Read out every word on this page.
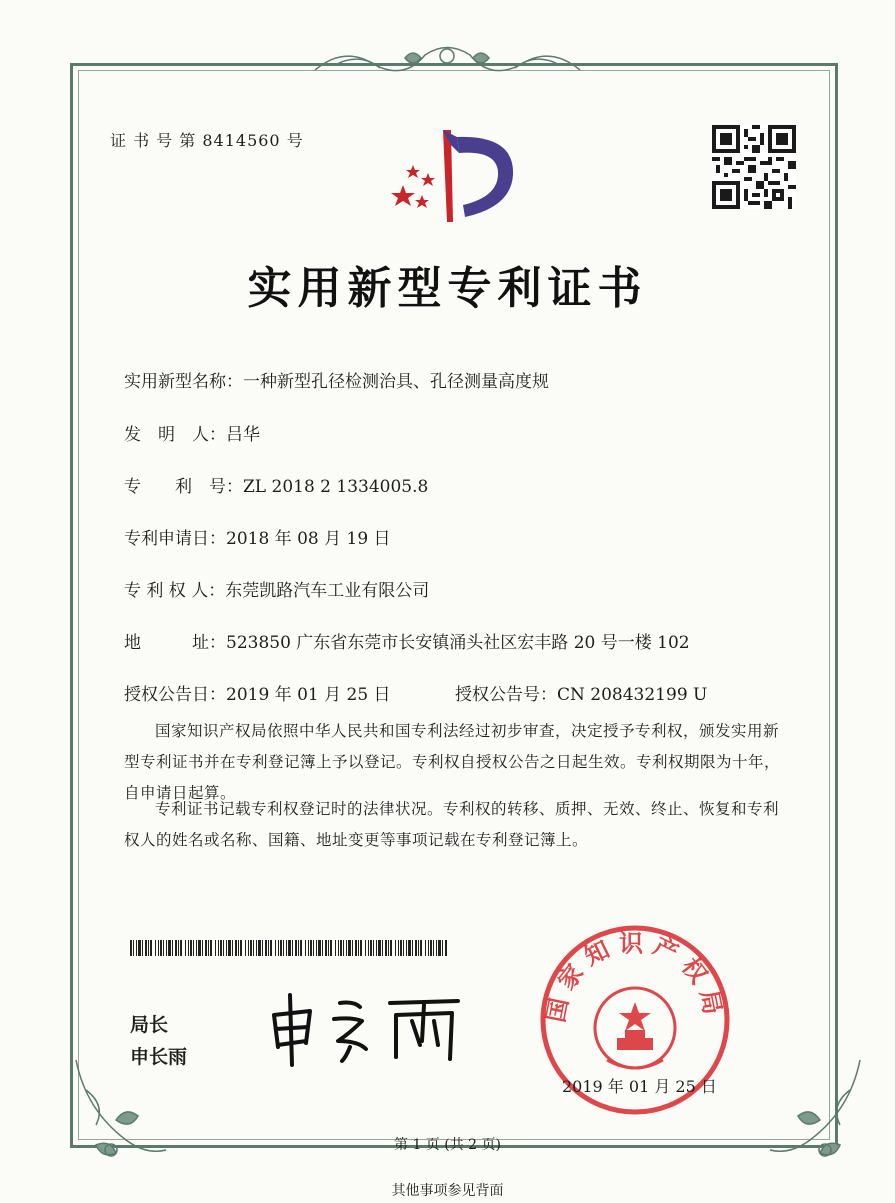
证 书 号 第 8414560 号
实用新型专利证书
实用新型名称：一种新型孔径检测治具、孔径测量高度规
发　明　人：吕华
专　　利　号：ZL 2018 2 1334005.8
专利申请日：2018 年 08 月 19 日
专 利 权 人：东莞凯路汽车工业有限公司
地　　　址：523850 广东省东莞市长安镇涌头社区宏丰路 20 号一楼 102
授权公告日：2019 年 01 月 25 日	授权公告号：CN 208432199 U
国家知识产权局依照中华人民共和国专利法经过初步审查，决定授予专利权，颁发实用新型专利证书并在专利登记簿上予以登记。专利权自授权公告之日起生效。专利权期限为十年，自申请日起算。
专利证书记载专利权登记时的法律状况。专利权的转移、质押、无效、终止、恢复和专利权人的姓名或名称、国籍、地址变更等事项记载在专利登记簿上。
局长
申长雨
国家知识产权局
2019 年 01 月 25 日
第 1 页 (共 2 页)
其他事项参见背面
